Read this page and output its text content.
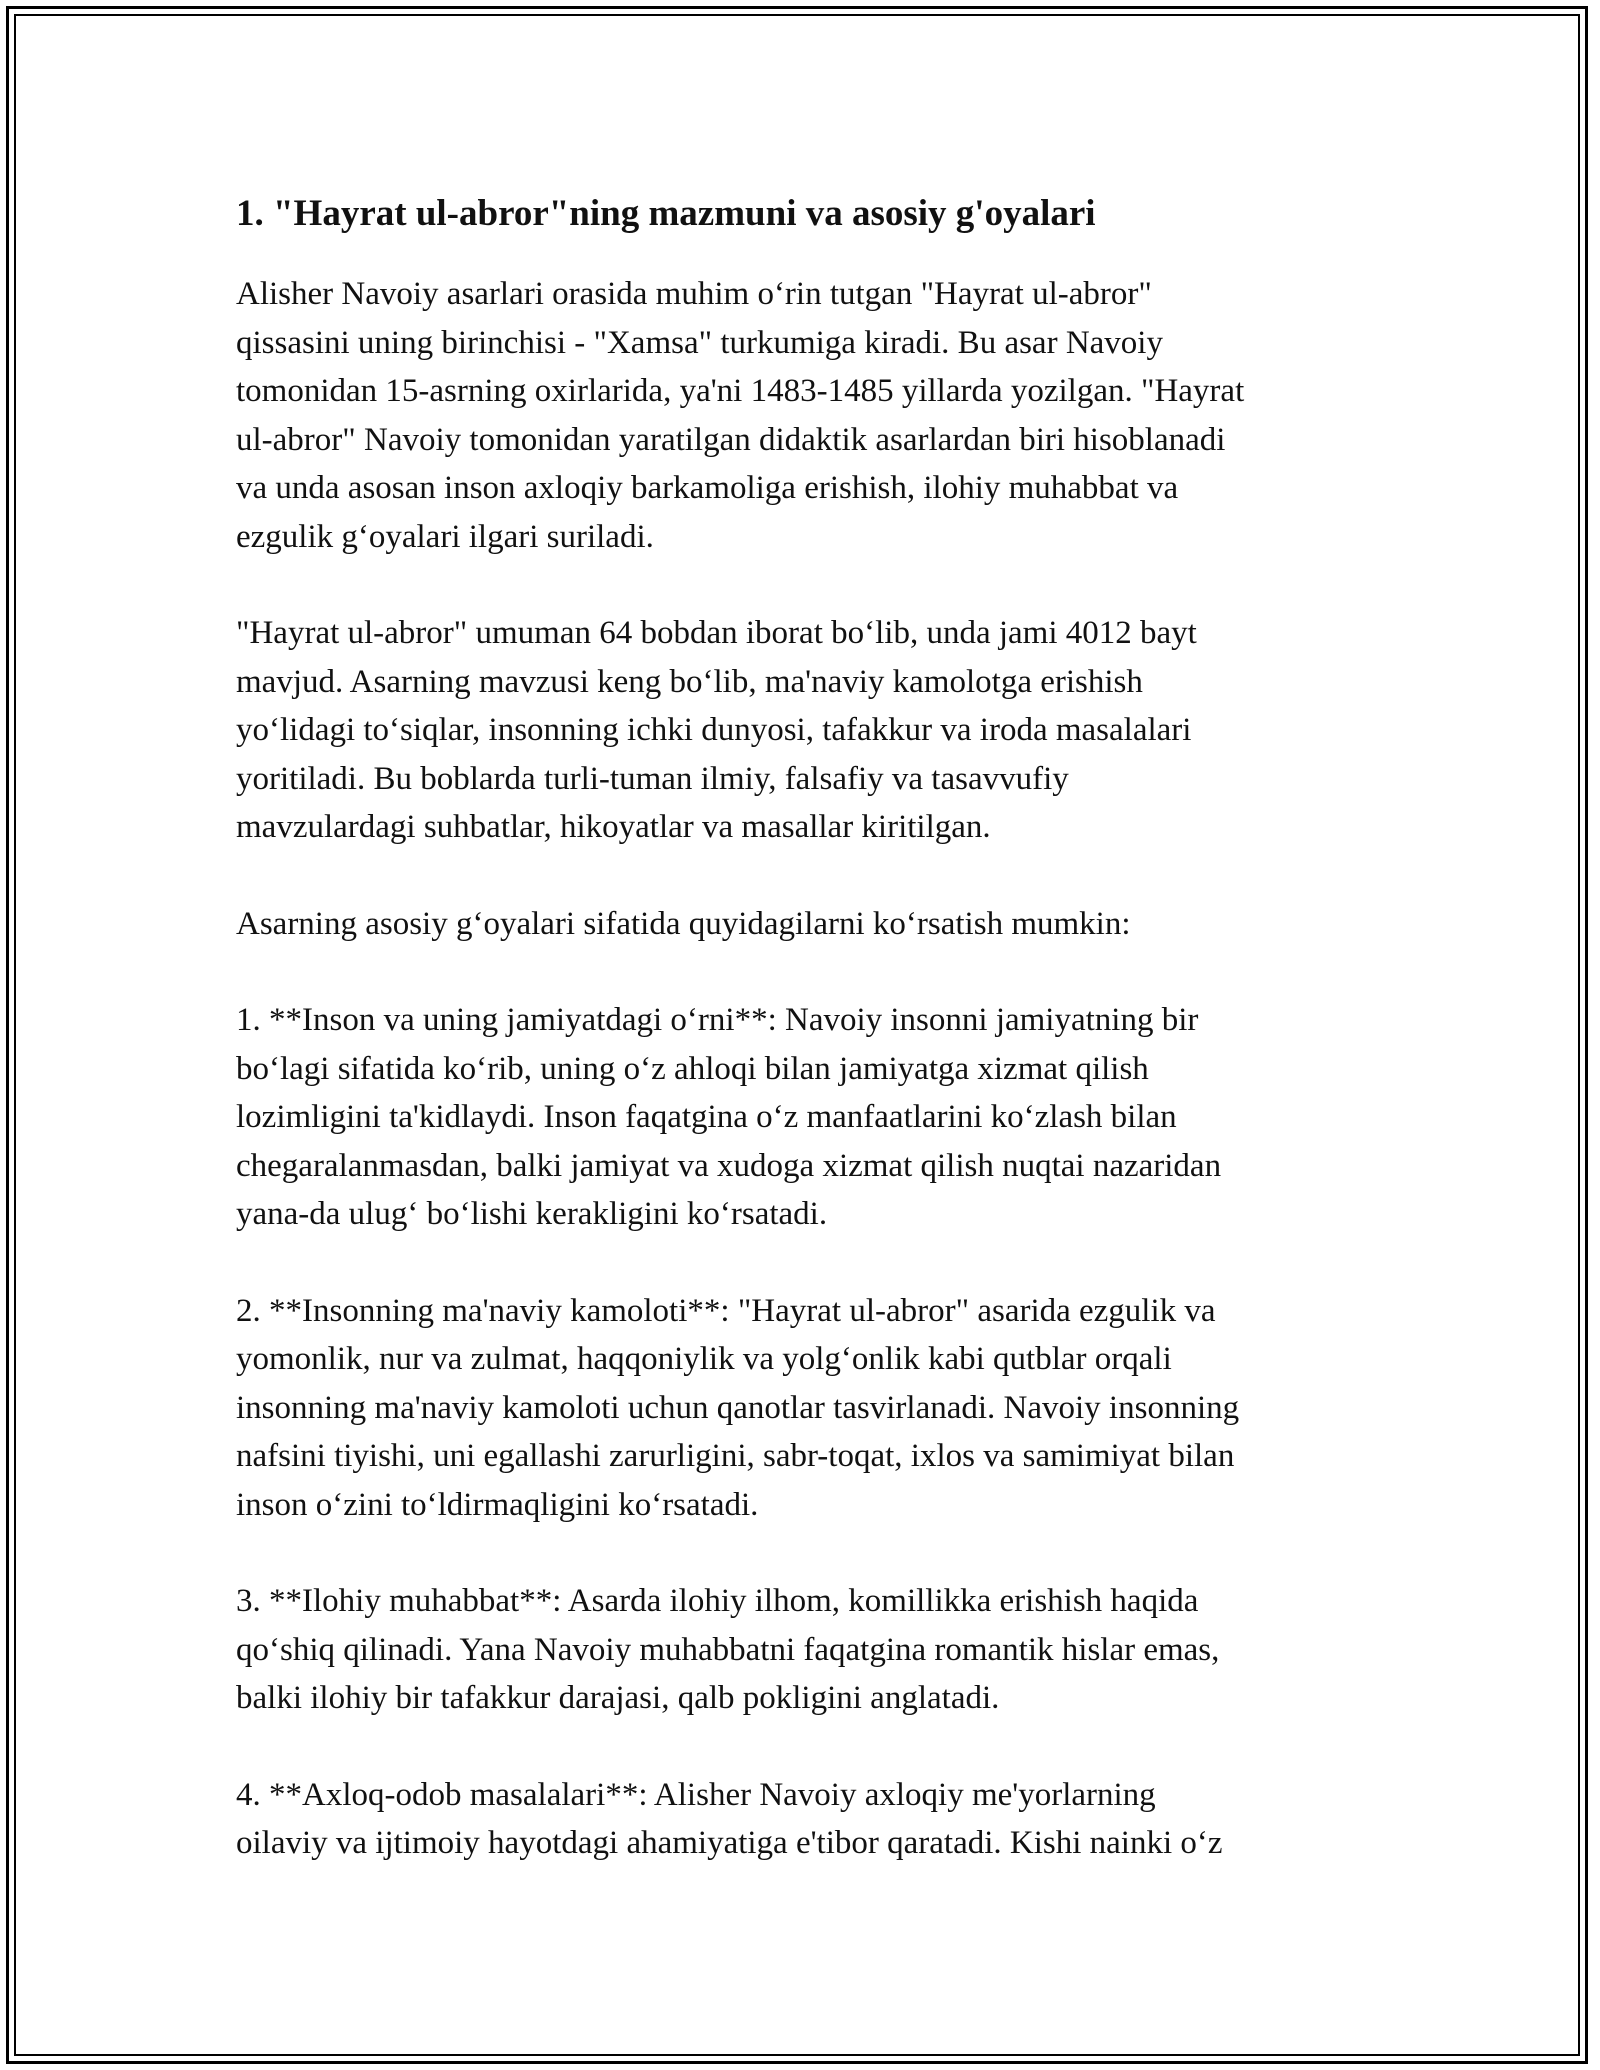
1. "Hayrat ul-abror"ning mazmuni va asosiy g'oyalari

Alisher Navoiy asarlari orasida muhim oʻrin tutgan "Hayrat ul-abror"
qissasini uning birinchisi - "Xamsa" turkumiga kiradi. Bu asar Navoiy
tomonidan 15-asrning oxirlarida, ya'ni 1483-1485 yillarda yozilgan. "Hayrat
ul-abror" Navoiy tomonidan yaratilgan didaktik asarlardan biri hisoblanadi
va unda asosan inson axloqiy barkamoliga erishish, ilohiy muhabbat va
ezgulik gʻoyalari ilgari suriladi.

"Hayrat ul-abror" umuman 64 bobdan iborat boʻlib, unda jami 4012 bayt
mavjud. Asarning mavzusi keng boʻlib, ma'naviy kamolotga erishish
yoʻlidagi toʻsiqlar, insonning ichki dunyosi, tafakkur va iroda masalalari
yoritiladi. Bu boblarda turli-tuman ilmiy, falsafiy va tasavvufiy
mavzulardagi suhbatlar, hikoyatlar va masallar kiritilgan.

Asarning asosiy gʻoyalari sifatida quyidagilarni koʻrsatish mumkin:

1. **Inson va uning jamiyatdagi oʻrni**: Navoiy insonni jamiyatning bir
boʻlagi sifatida koʻrib, uning oʻz ahloqi bilan jamiyatga xizmat qilish
lozimligini ta'kidlaydi. Inson faqatgina oʻz manfaatlarini koʻzlash bilan
chegaralanmasdan, balki jamiyat va xudoga xizmat qilish nuqtai nazaridan
yana-da ulugʻ boʻlishi kerakligini koʻrsatadi.

2. **Insonning ma'naviy kamoloti**: "Hayrat ul-abror" asarida ezgulik va
yomonlik, nur va zulmat, haqqoniylik va yolgʻonlik kabi qutblar orqali
insonning ma'naviy kamoloti uchun qanotlar tasvirlanadi. Navoiy insonning
nafsini tiyishi, uni egallashi zarurligini, sabr-toqat, ixlos va samimiyat bilan
inson oʻzini toʻldirmaqligini koʻrsatadi.

3. **Ilohiy muhabbat**: Asarda ilohiy ilhom, komillikka erishish haqida
qoʻshiq qilinadi. Yana Navoiy muhabbatni faqatgina romantik hislar emas,
balki ilohiy bir tafakkur darajasi, qalb pokligini anglatadi.

4. **Axloq-odob masalalari**: Alisher Navoiy axloqiy me'yorlarning
oilaviy va ijtimoiy hayotdagi ahamiyatiga e'tibor qaratadi. Kishi nainki oʻz
